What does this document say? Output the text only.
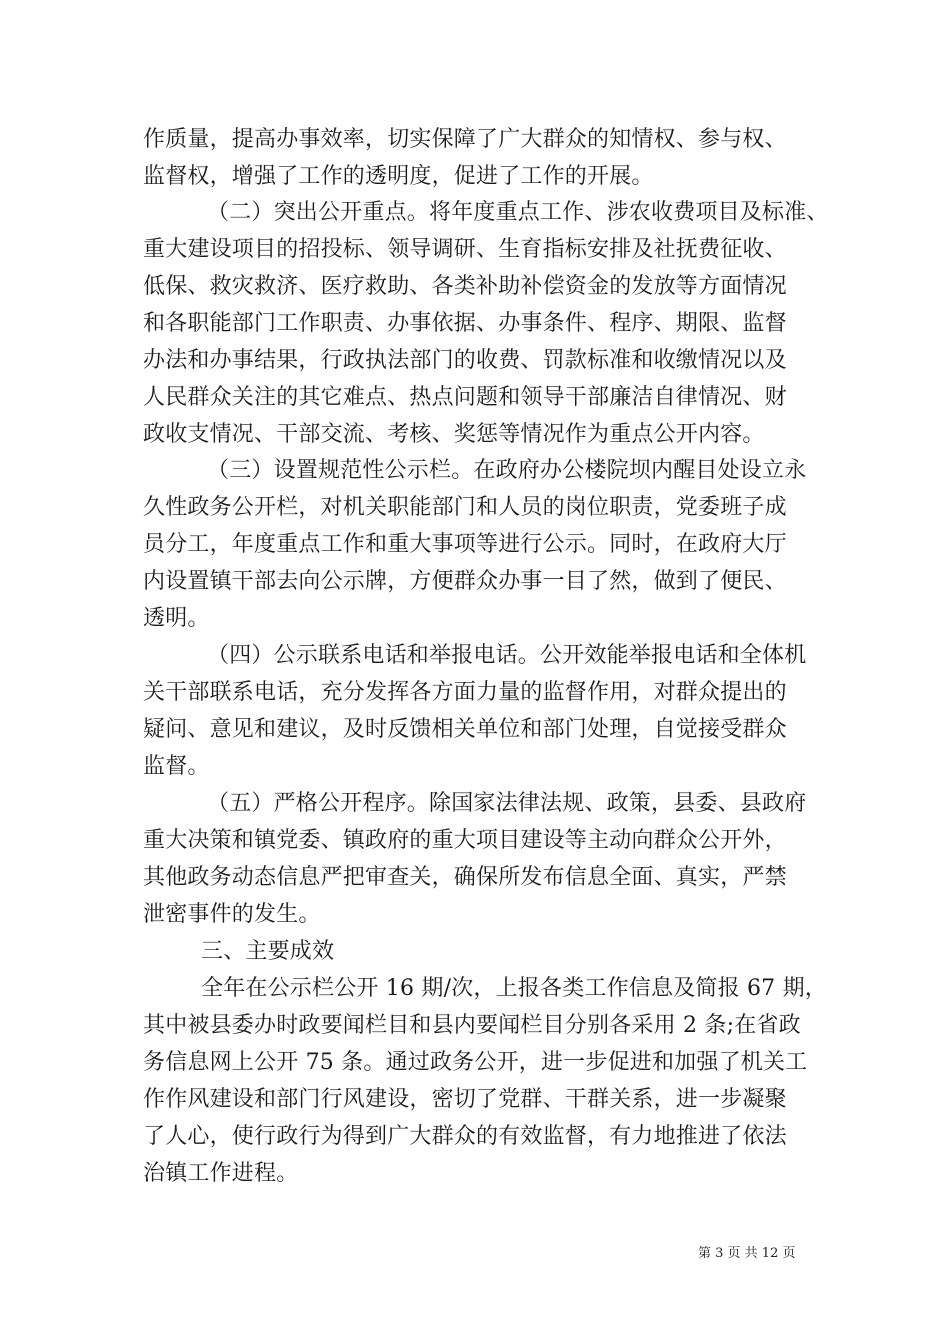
作质量，提高办事效率，切实保障了广大群众的知情权、参与权、
监督权，增强了工作的透明度，促进了工作的开展。
（二）突出公开重点。将年度重点工作、涉农收费项目及标准、
重大建设项目的招投标、领导调研、生育指标安排及社抚费征收、
低保、救灾救济、医疗救助、各类补助补偿资金的发放等方面情况
和各职能部门工作职责、办事依据、办事条件、程序、期限、监督
办法和办事结果，行政执法部门的收费、罚款标准和收缴情况以及
人民群众关注的其它难点、热点问题和领导干部廉洁自律情况、财
政收支情况、干部交流、考核、奖惩等情况作为重点公开内容。
（三）设置规范性公示栏。在政府办公楼院坝内醒目处设立永
久性政务公开栏，对机关职能部门和人员的岗位职责，党委班子成
员分工，年度重点工作和重大事项等进行公示。同时，在政府大厅
内设置镇干部去向公示牌，方便群众办事一目了然，做到了便民、
透明。
（四）公示联系电话和举报电话。公开效能举报电话和全体机
关干部联系电话，充分发挥各方面力量的监督作用，对群众提出的
疑问、意见和建议，及时反馈相关单位和部门处理，自觉接受群众
监督。
（五）严格公开程序。除国家法律法规、政策，县委、县政府
重大决策和镇党委、镇政府的重大项目建设等主动向群众公开外，
其他政务动态信息严把审查关，确保所发布信息全面、真实，严禁
泄密事件的发生。
三、主要成效
全年在公示栏公开 16 期/次，上报各类工作信息及简报 67 期，
其中被县委办时政要闻栏目和县内要闻栏目分别各采用 2 条;在省政
务信息网上公开 75 条。通过政务公开，进一步促进和加强了机关工
作作风建设和部门行风建设，密切了党群、干群关系，进一步凝聚
了人心，使行政行为得到广大群众的有效监督，有力地推进了依法
治镇工作进程。
第 3 页 共 12 页
